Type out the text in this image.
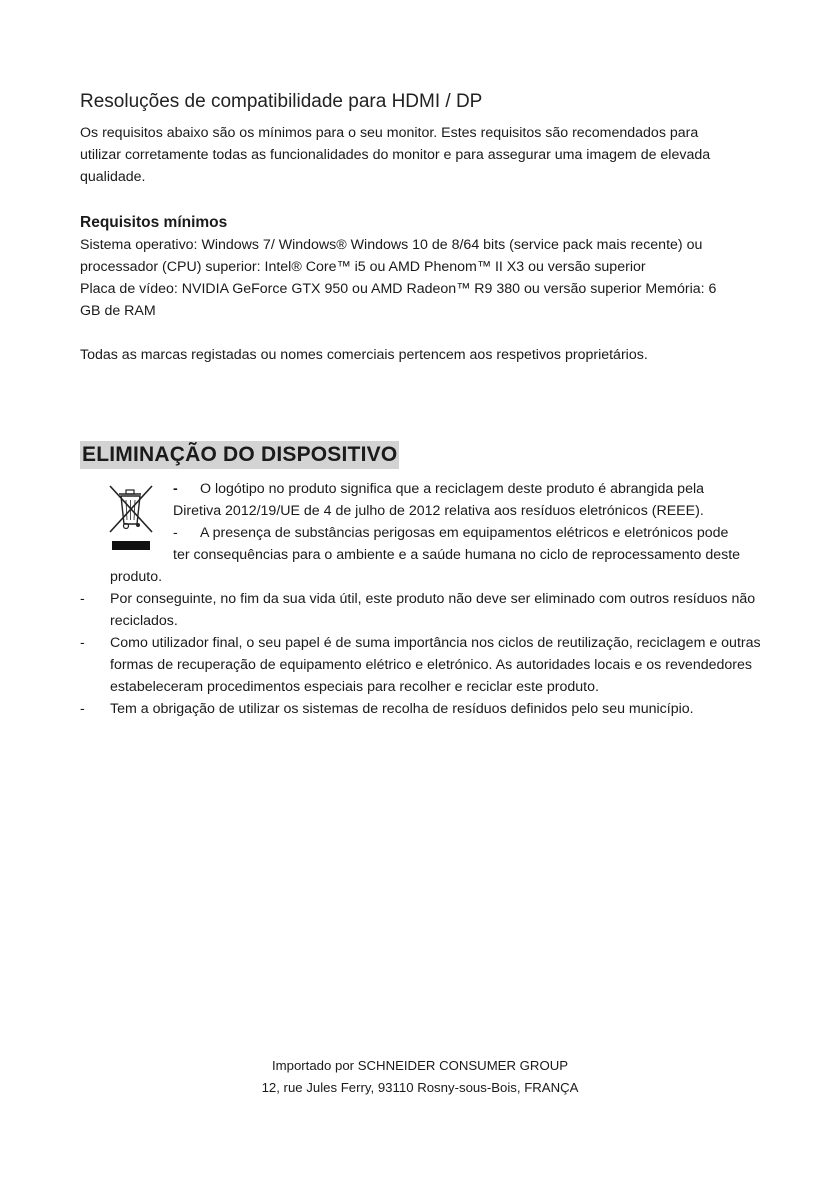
Resoluções de compatibilidade para HDMI / DP
Os requisitos abaixo são os mínimos para o seu monitor. Estes requisitos são recomendados para
utilizar corretamente todas as funcionalidades do monitor e para assegurar uma imagem de elevada
qualidade.
Requisitos mínimos
Sistema operativo: Windows 7/ Windows® Windows 10 de 8/64 bits (service pack mais recente) ou
processador (CPU) superior: Intel® Core™ i5 ou AMD Phenom™ II X3 ou versão superior
Placa de vídeo: NVIDIA GeForce GTX 950 ou AMD Radeon™ R9 380 ou versão superior Memória: 6
GB de RAM
Todas as marcas registadas ou nomes comerciais pertencem aos respetivos proprietários.
ELIMINAÇÃO DO DISPOSITIVO
- O logótipo no produto significa que a reciclagem deste produto é abrangida pela
Diretiva 2012/19/UE de 4 de julho de 2012 relativa aos resíduos eletrónicos (REEE).
- A presença de substâncias perigosas em equipamentos elétricos e eletrónicos pode
ter consequências para o ambiente e a saúde humana no ciclo de reprocessamento deste
produto.
- Por conseguinte, no fim da sua vida útil, este produto não deve ser eliminado com outros resíduos não reciclados.
- Como utilizador final, o seu papel é de suma importância nos ciclos de reutilização, reciclagem e outras formas de recuperação de equipamento elétrico e eletrónico. As autoridades locais e os revendedores estabeleceram procedimentos especiais para recolher e reciclar este produto.
- Tem a obrigação de utilizar os sistemas de recolha de resíduos definidos pelo seu município.
Importado por SCHNEIDER CONSUMER GROUP
12, rue Jules Ferry, 93110 Rosny-sous-Bois, FRANÇA
